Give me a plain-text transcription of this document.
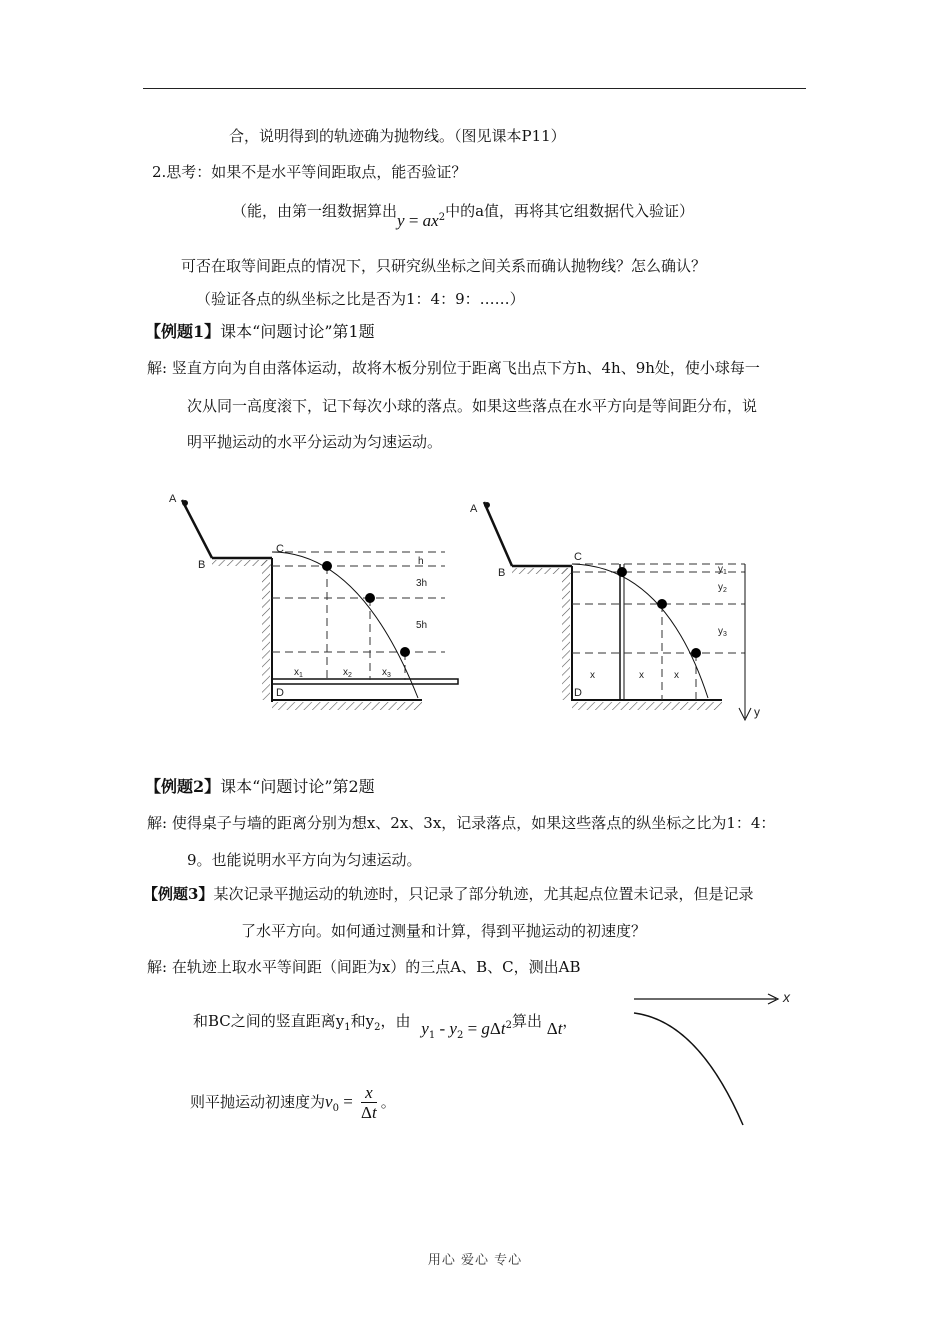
合，说明得到的轨迹确为抛物线。（图见课本P11）
2.思考：如果不是水平等间距取点，能否验证？
（能，由第一组数据算出$y = ax^2$中的a值，再将其它组数据代入验证）
可否在取等间距点的情况下，只研究纵坐标之间关系而确认抛物线？怎么确认？
（验证各点的纵坐标之比是否为1：4：9：……）
【例题1】课本“问题讨论”第1题
解: 竖直方向为自由落体运动，故将木板分别位于距离飞出点下方h、4h、9h处，使小球每一
次从同一高度滚下，记下每次小球的落点。如果这些落点在水平方向是等间距分布，说
明平抛运动的水平分运动为匀速运动。
A
B
C
D
h
3h
5h
$x_1$	$x_2$	$x_3$
A
B
C
D
$y_1$
$y_2$
$y_3$
x	x	x
y
【例题2】课本“问题讨论”第2题
解: 使得桌子与墙的距离分别为想x、2x、3x，记录落点，如果这些落点的纵坐标之比为1：4：
9。也能说明水平方向为匀速运动。
【例题3】某次记录平抛运动的轨迹时，只记录了部分轨迹，尤其起点位置未记录，但是记录
了水平方向。如何通过测量和计算，得到平抛运动的初速度？
解: 在轨迹上取水平等间距（间距为x）的三点A、B、C，测出AB
和BC之间的竖直距离$y_1$和$y_2$，由 $y_1 - y_2 = g\Delta t^2$算出 Δt，
则平抛运动初速度为$v_0 = \frac{x}{\Delta t}$ 。
x
用心 爱心 专心
